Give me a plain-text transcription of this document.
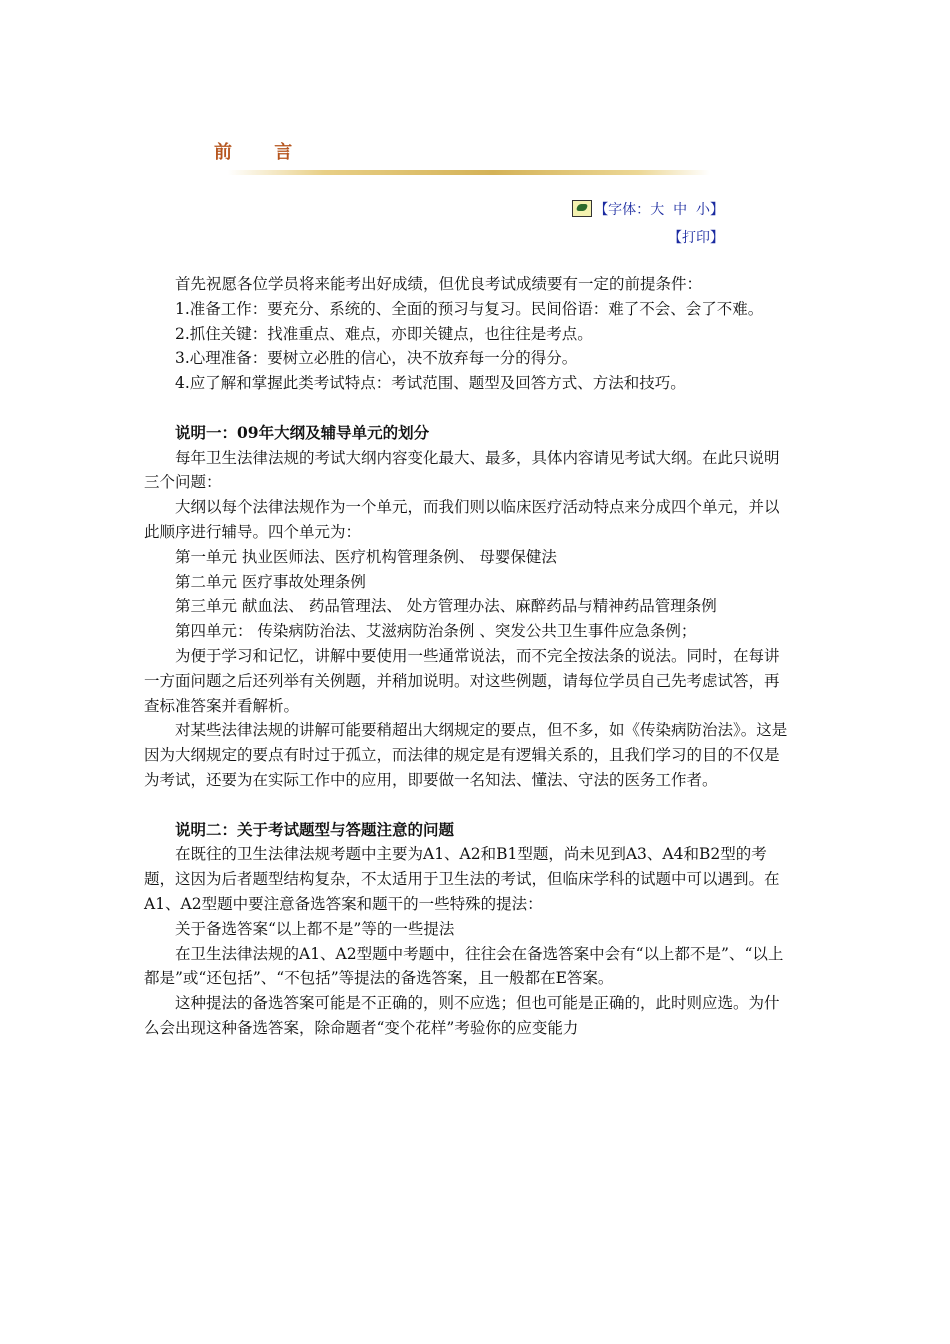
前 言
【字体：大 中 小】
【打印】

首先祝愿各位学员将来能考出好成绩，但优良考试成绩要有一定的前提条件：

1.准备工作：要充分、系统的、全面的预习与复习。民间俗语：难了不会、会了不难。

2.抓住关键：找准重点、难点，亦即关键点，也往往是考点。

3.心理准备：要树立必胜的信心，决不放弃每一分的得分。

4.应了解和掌握此类考试特点：考试范围、题型及回答方式、方法和技巧。

说明一：09年大纲及辅导单元的划分

每年卫生法律法规的考试大纲内容变化最大、最多，具体内容请见考试大纲。在此只说明三个问题：

大纲以每个法律法规作为一个单元，而我们则以临床医疗活动特点来分成四个单元，并以此顺序进行辅导。四个单元为：

第一单元 执业医师法、医疗机构管理条例、 母婴保健法

第二单元 医疗事故处理条例

第三单元 献血法、 药品管理法、 处方管理办法、麻醉药品与精神药品管理条例

第四单元： 传染病防治法、艾滋病防治条例 、突发公共卫生事件应急条例；

为便于学习和记忆，讲解中要使用一些通常说法，而不完全按法条的说法。同时，在每讲一方面问题之后还列举有关例题，并稍加说明。对这些例题，请每位学员自己先考虑试答，再查标准答案并看解析。

对某些法律法规的讲解可能要稍超出大纲规定的要点，但不多，如《传染病防治法》。这是因为大纲规定的要点有时过于孤立，而法律的规定是有逻辑关系的，且我们学习的目的不仅是为考试，还要为在实际工作中的应用，即要做一名知法、懂法、守法的医务工作者。

说明二：关于考试题型与答题注意的问题

在既往的卫生法律法规考题中主要为A1、A2和B1型题，尚未见到A3、A4和B2型的考题，这因为后者题型结构复杂，不太适用于卫生法的考试，但临床学科的试题中可以遇到。在A1、A2型题中要注意备选答案和题干的一些特殊的提法：

关于备选答案“以上都不是”等的一些提法

在卫生法律法规的A1、A2型题中考题中，往往会在备选答案中会有“以上都不是”、“以上都是”或“还包括”、“不包括”等提法的备选答案，且一般都在E答案。

这种提法的备选答案可能是不正确的，则不应选；但也可能是正确的，此时则应选。为什么会出现这种备选答案，除命题者“变个花样”考验你的应变能力
